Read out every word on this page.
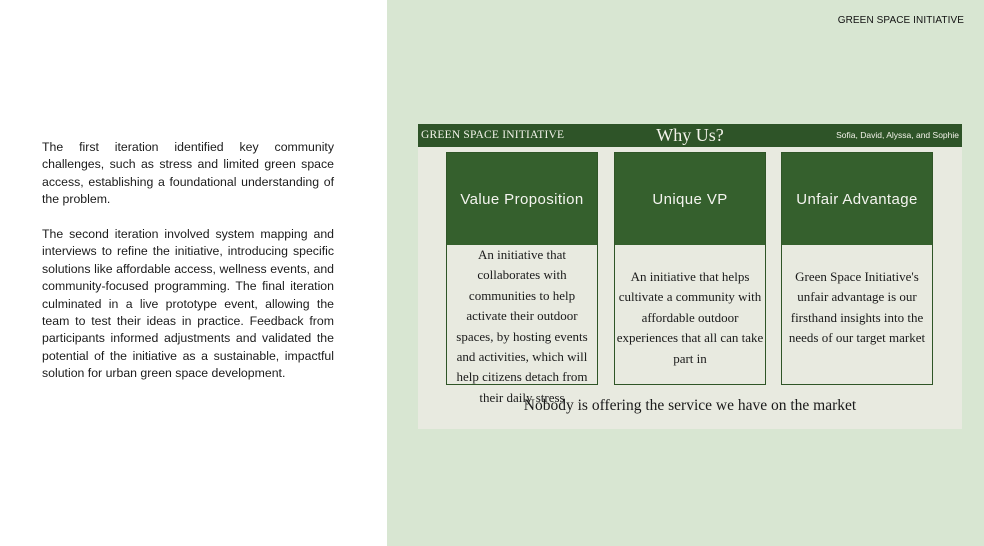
The first iteration identified key community challenges, such as stress and limited green space access, establishing a foundational understanding of the problem.

The second iteration involved system mapping and interviews to refine the initiative, introducing specific solutions like affordable access, wellness events, and community-focused programming. The final iteration culminated in a live prototype event, allowing the team to test their ideas in practice. Feedback from participants informed adjustments and validated the potential of the initiative as a sustainable, impactful solution for urban green space development.

GREEN SPACE INITIATIVE
GREEN SPACE INITIATIVE	Why Us?	Sofia, David, Alyssa, and Sophie
Value Proposition
An initiative that collaborates with communities to help activate their outdoor spaces, by hosting events and activities, which will help citizens detach from their daily stress
Unique VP
An initiative that helps cultivate a community with affordable outdoor experiences that all can take part in
Unfair Advantage
Green Space Initiative's unfair advantage is our firsthand insights into the needs of our target market
Nobody is offering the service we have on the market
